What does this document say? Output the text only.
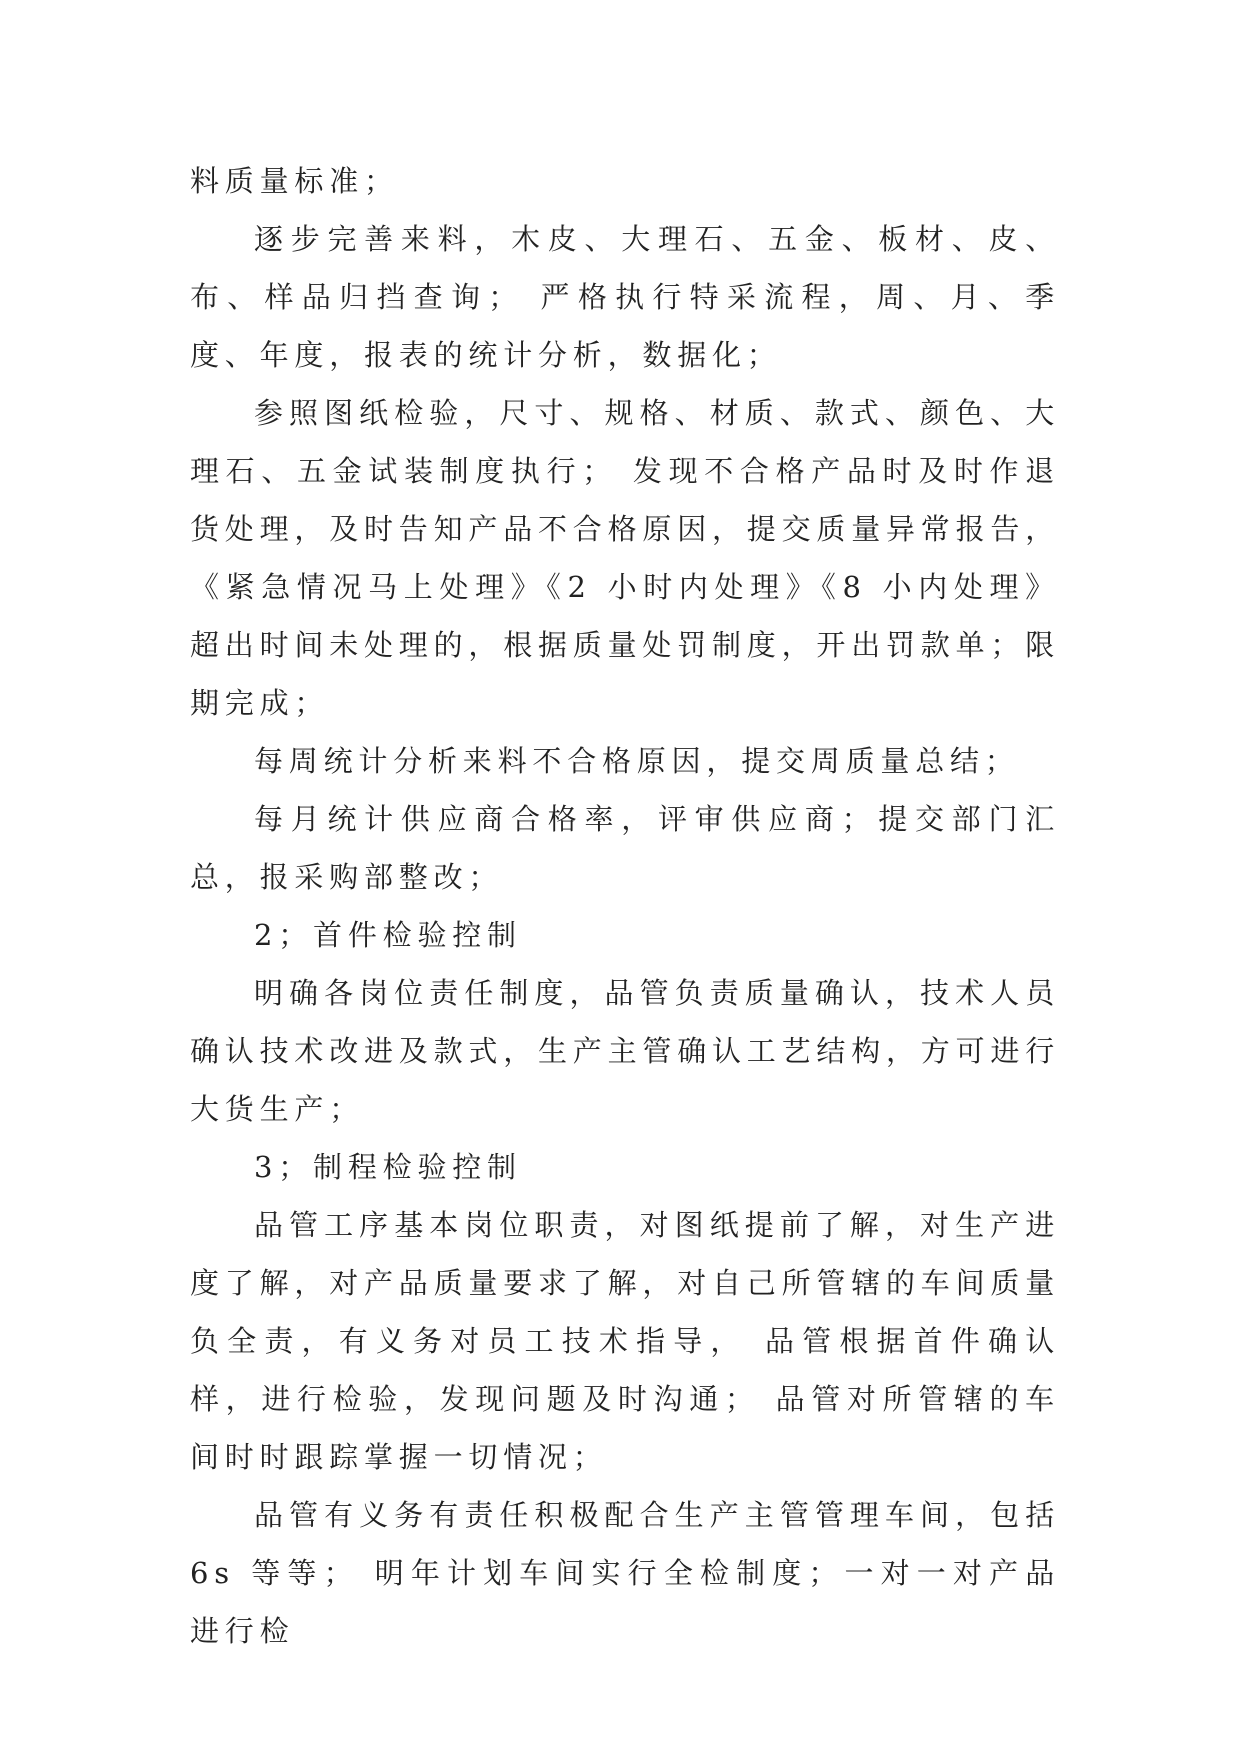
料质量标准；

逐步完善来料，木皮、大理石、五金、板材、皮、布、样品归挡查询； 严格执行特采流程，周、月、季度、年度，报表的统计分析，数据化；

参照图纸检验，尺寸、规格、材质、款式、颜色、大理石、五金试装制度执行； 发现不合格产品时及时作退货处理，及时告知产品不合格原因，提交质量异常报告，《紧急情况马上处理》《2 小时内处理》《8 小内处理》超出时间未处理的，根据质量处罚制度，开出罚款单；限期完成；

每周统计分析来料不合格原因，提交周质量总结；

每月统计供应商合格率，评审供应商；提交部门汇总，报采购部整改；

2；首件检验控制

明确各岗位责任制度，品管负责质量确认，技术人员确认技术改进及款式，生产主管确认工艺结构，方可进行大货生产；

3；制程检验控制

品管工序基本岗位职责，对图纸提前了解，对生产进度了解，对产品质量要求了解，对自己所管辖的车间质量负全责，有义务对员工技术指导， 品管根据首件确认样，进行检验，发现问题及时沟通； 品管对所管辖的车间时时跟踪掌握一切情况；

品管有义务有责任积极配合生产主管管理车间，包括 6s 等等； 明年计划车间实行全检制度；一对一对产品进行检
